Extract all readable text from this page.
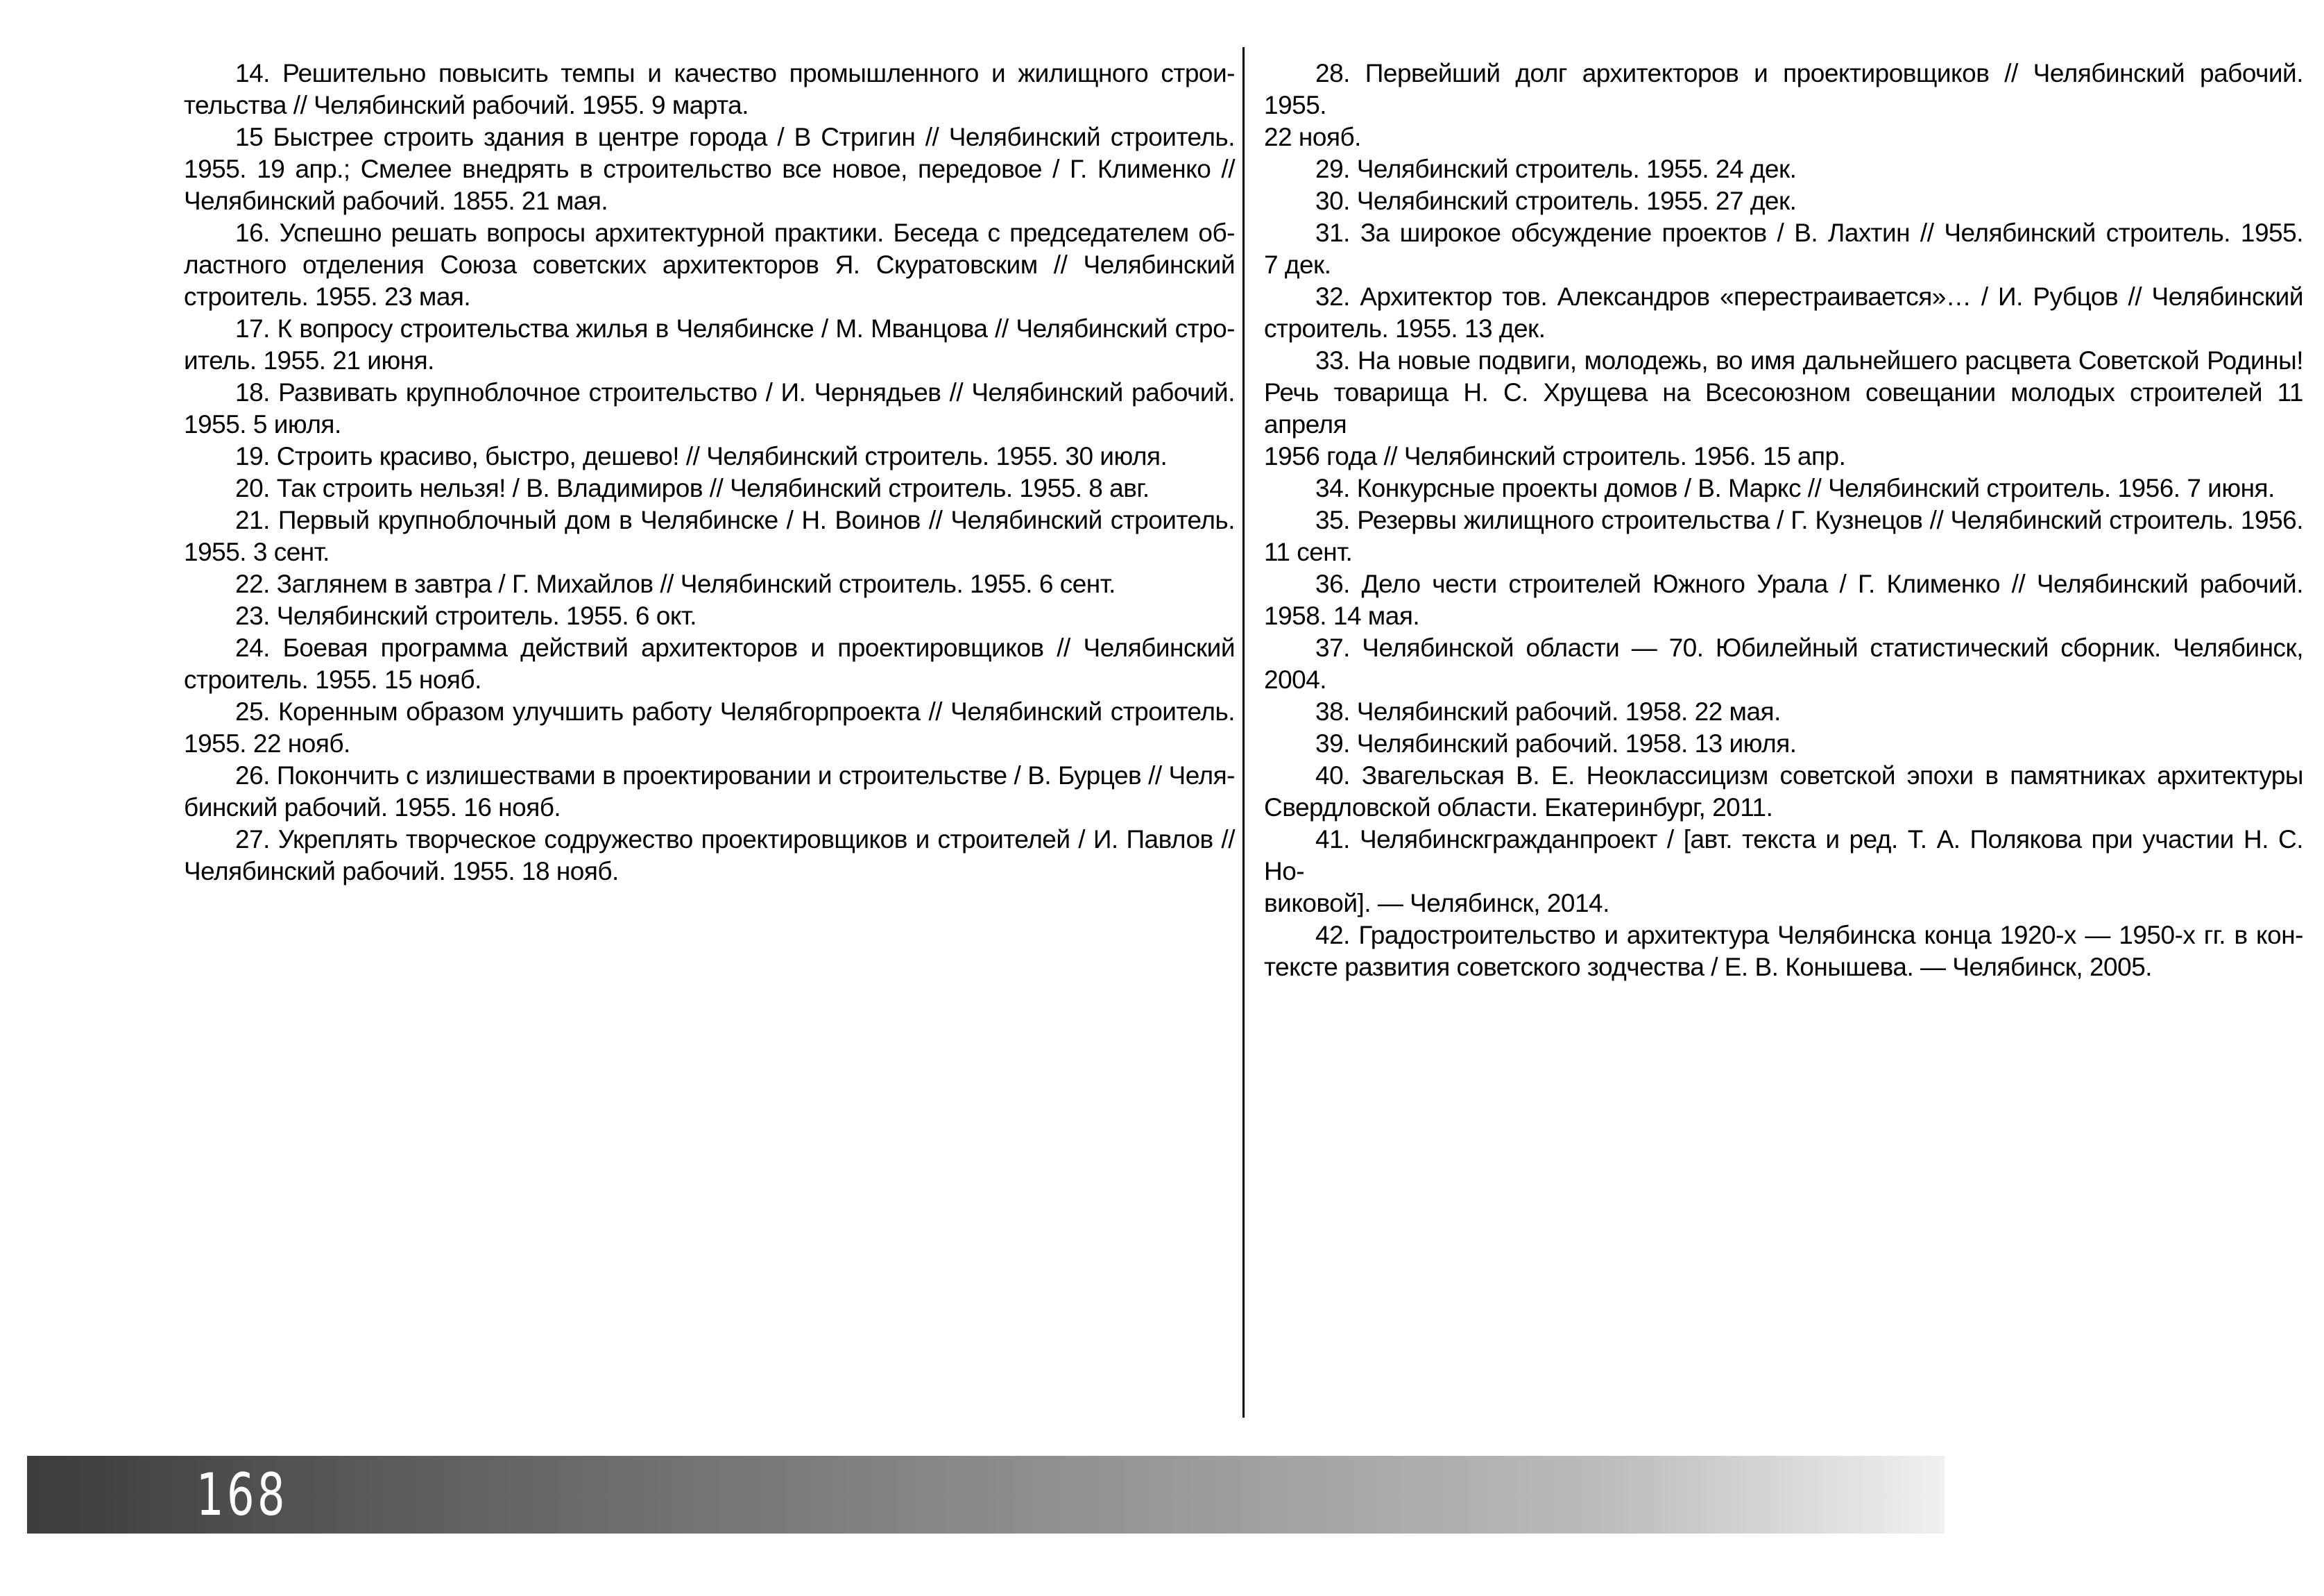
14. Решительно повысить темпы и качество промышленного и жилищного строи-
тельства // Челябинский рабочий. 1955. 9 марта.

15 Быстрее строить здания в центре города / В Стригин // Челябинский строитель.
1955. 19 апр.; Смелее внедрять в строительство все новое, передовое / Г. Клименко //
Челябинский рабочий. 1855. 21 мая.

16. Успешно решать вопросы архитектурной практики. Беседа с председателем об-
ластного отделения Союза советских архитекторов Я. Скуратовским // Челябинский
строитель. 1955. 23 мая.

17. К вопросу строительства жилья в Челябинске / М. Мванцова // Челябинский стро-
итель. 1955. 21 июня.

18. Развивать крупноблочное строительство / И. Чернядьев // Челябинский рабочий.
1955. 5 июля.

19. Строить красиво, быстро, дешево! // Челябинский строитель. 1955. 30 июля.

20. Так строить нельзя! / В. Владимиров // Челябинский строитель. 1955. 8 авг.

21. Первый крупноблочный дом в Челябинске / Н. Воинов // Челябинский строитель.
1955. 3 сент.

22. Заглянем в завтра / Г. Михайлов // Челябинский строитель. 1955. 6 сент.

23. Челябинский строитель. 1955. 6 окт.

24. Боевая программа действий архитекторов и проектировщиков // Челябинский
строитель. 1955. 15 нояб.

25. Коренным образом улучшить работу Челябгорпроекта // Челябинский строитель.
1955. 22 нояб.

26. Покончить с излишествами в проектировании и строительстве / В. Бурцев // Челя-
бинский рабочий. 1955. 16 нояб.

27. Укреплять творческое содружество проектировщиков и строителей / И. Павлов //
Челябинский рабочий. 1955. 18 нояб.

28. Первейший долг архитекторов и проектировщиков // Челябинский рабочий. 1955.
22 нояб.

29. Челябинский строитель. 1955. 24 дек.

30. Челябинский строитель. 1955. 27 дек.

31. За широкое обсуждение проектов / В. Лахтин // Челябинский строитель. 1955.
7 дек.

32. Архитектор тов. Александров «перестраивается»… / И. Рубцов // Челябинский
строитель. 1955. 13 дек.

33. На новые подвиги, молодежь, во имя дальнейшего расцвета Советской Родины!
Речь товарища Н. С. Хрущева на Всесоюзном совещании молодых строителей 11 апреля
1956 года // Челябинский строитель. 1956. 15 апр.

34. Конкурсные проекты домов / В. Маркс // Челябинский строитель. 1956. 7 июня.

35. Резервы жилищного строительства / Г. Кузнецов // Челябинский строитель. 1956.
11 сент.

36. Дело чести строителей Южного Урала / Г. Клименко // Челябинский рабочий.
1958. 14 мая.

37. Челябинской области — 70. Юбилейный статистический сборник. Челябинск,
2004.

38. Челябинский рабочий. 1958. 22 мая.

39. Челябинский рабочий. 1958. 13 июля.

40. Звагельская В. Е. Неоклассицизм советской эпохи в памятниках архитектуры
Свердловской области. Екатеринбург, 2011.

41. Челябинскгражданпроект / [авт. текста и ред. Т. А. Полякова при участии Н. С. Но-
виковой]. — Челябинск, 2014.

42. Градостроительство и архитектура Челябинска конца 1920-х — 1950-х гг. в кон-
тексте развития советского зодчества / Е. В. Конышева. — Челябинск, 2005.

168
